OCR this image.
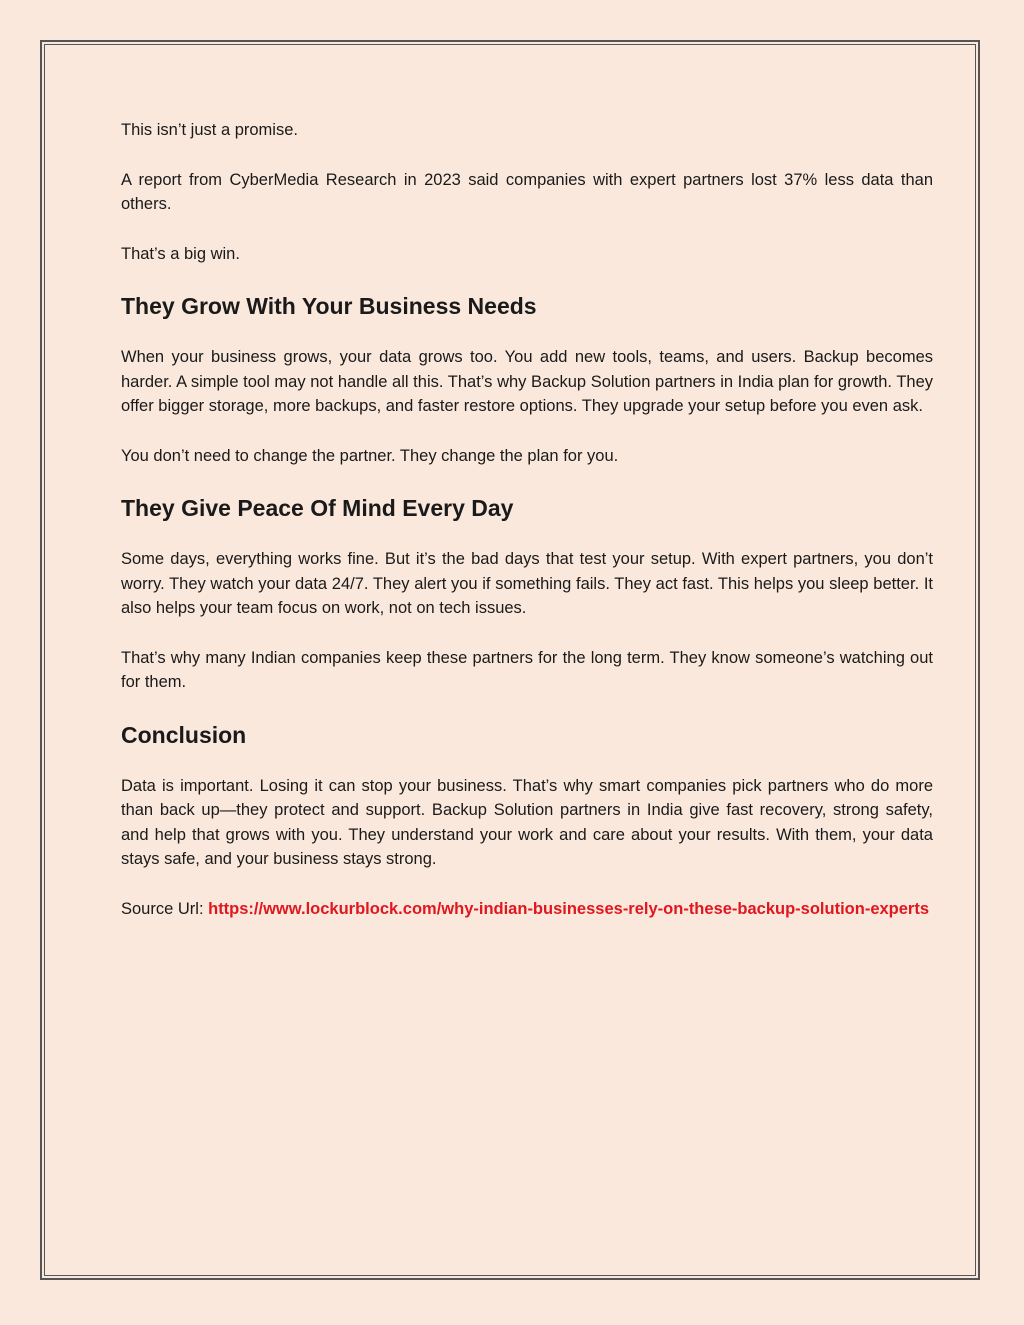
This isn’t just a promise.

A report from CyberMedia Research in 2023 said companies with expert partners lost 37% less data than others.

That’s a big win.

They Grow With Your Business Needs

When your business grows, your data grows too. You add new tools, teams, and users. Backup becomes harder. A simple tool may not handle all this. That’s why Backup Solution partners in India plan for growth. They offer bigger storage, more backups, and faster restore options. They upgrade your setup before you even ask.

You don’t need to change the partner. They change the plan for you.

They Give Peace Of Mind Every Day

Some days, everything works fine. But it’s the bad days that test your setup. With expert partners, you don’t worry. They watch your data 24/7. They alert you if something fails. They act fast. This helps you sleep better. It also helps your team focus on work, not on tech issues.

That’s why many Indian companies keep these partners for the long term. They know someone’s watching out for them.

Conclusion

Data is important. Losing it can stop your business. That’s why smart companies pick partners who do more than back up—they protect and support. Backup Solution partners in India give fast recovery, strong safety, and help that grows with you. They understand your work and care about your results. With them, your data stays safe, and your business stays strong.

Source Url: https://www.lockurblock.com/why-indian-businesses-rely-on-these-backup-solution-experts
